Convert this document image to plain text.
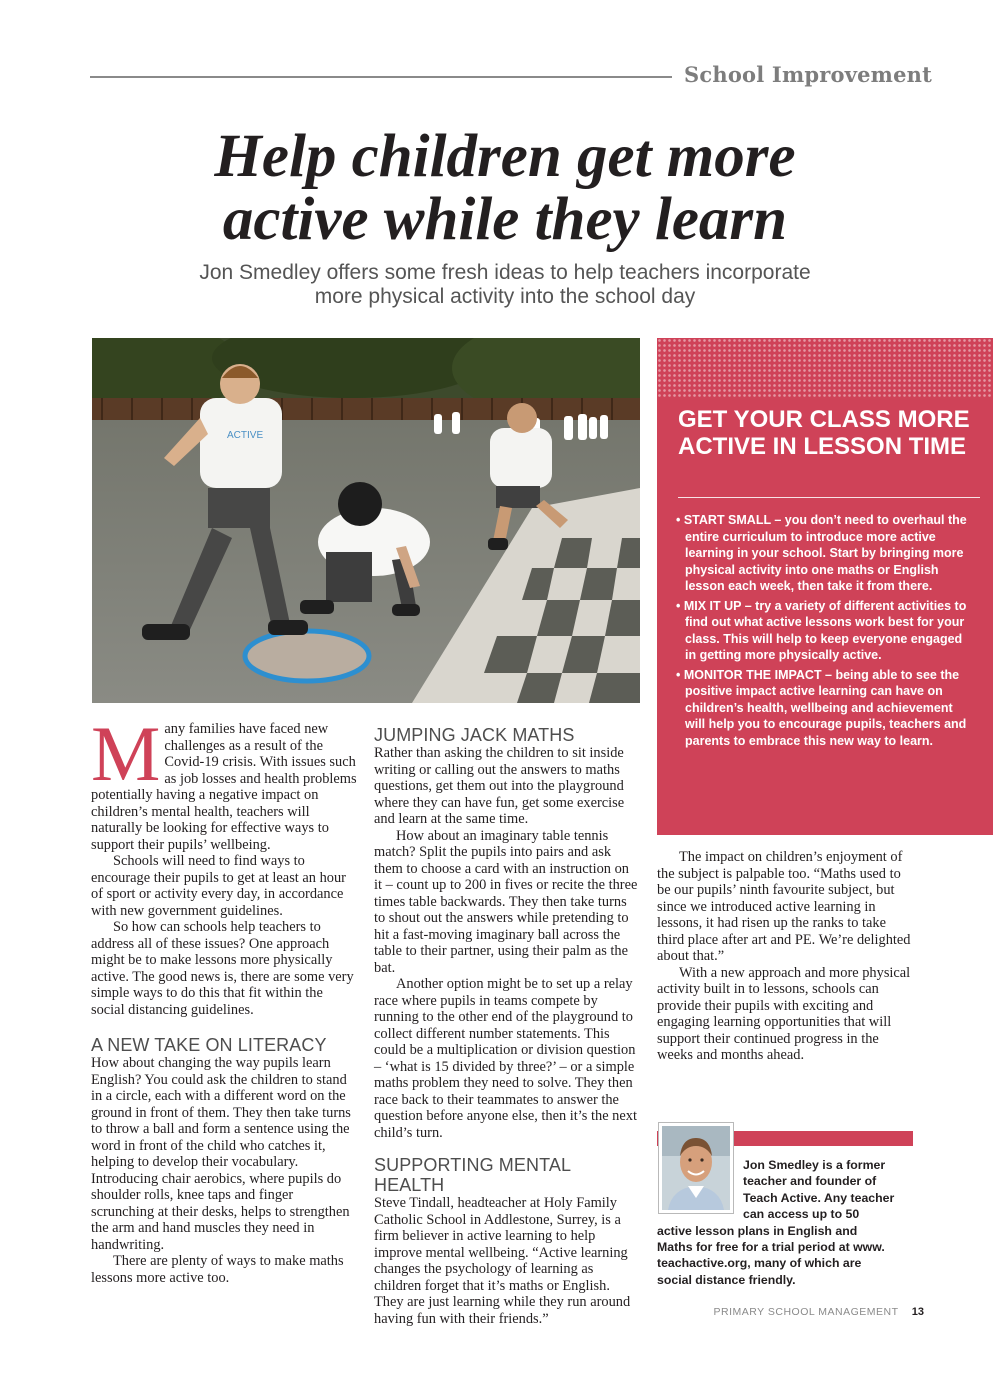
School Improvement
Help children get more
active while they learn
Jon Smedley offers some fresh ideas to help teachers incorporate
more physical activity into the school day
ACTIVE
GET YOUR CLASS MORE ACTIVE IN LESSON TIME
• START SMALL – you don’t need to overhaul the entire curriculum to introduce more active learning in your school. Start by bringing more physical activity into one maths or English lesson each week, then take it from there.
• MIX IT UP – try a variety of different activities to find out what active lessons work best for your class. This will help to keep everyone engaged in getting more physically active.
• MONITOR THE IMPACT – being able to see the positive impact active learning can have on children’s health, wellbeing and achievement will help you to encourage pupils, teachers and parents to embrace this new way to learn.
M any families have faced new challenges as a result of the Covid-19 crisis. With issues such as job losses and health problems potentially having a negative impact on children’s mental health, teachers will naturally be looking for effective ways to support their pupils’ wellbeing.

Schools will need to find ways to encourage their pupils to get at least an hour of sport or activity every day, in accordance with new government guidelines.

So how can schools help teachers to address all of these issues? One approach might be to make lessons more physically active. The good news is, there are some very simple ways to do this that fit within the social distancing guidelines.

A NEW TAKE ON LITERACY

How about changing the way pupils learn English? You could ask the children to stand in a circle, each with a different word on the ground in front of them. They then take turns to throw a ball and form a sentence using the word in front of the child who catches it, helping to develop their vocabulary. Introducing chair aerobics, where pupils do shoulder rolls, knee taps and finger scrunching at their desks, helps to strengthen the arm and hand muscles they need in handwriting.

There are plenty of ways to make maths lessons more active too.

JUMPING JACK MATHS

Rather than asking the children to sit inside writing or calling out the answers to maths questions, get them out into the playground where they can have fun, get some exercise and learn at the same time.

How about an imaginary table tennis match? Split the pupils into pairs and ask them to choose a card with an instruction on it – count up to 200 in fives or recite the three times table backwards. They then take turns to shout out the answers while pretending to hit a fast-moving imaginary ball across the table to their partner, using their palm as the bat.

Another option might be to set up a relay race where pupils in teams compete by running to the other end of the playground to collect different number statements. This could be a multiplication or division question – ‘what is 15 divided by three?’ – or a simple maths problem they need to solve. They then race back to their teammates to answer the question before anyone else, then it’s the next child’s turn.

SUPPORTING MENTAL HEALTH

Steve Tindall, headteacher at Holy Family Catholic School in Addlestone, Surrey, is a firm believer in active learning to help improve mental wellbeing. “Active learning changes the psychology of learning as children forget that it’s maths or English. They are just learning while they run around having fun with their friends.”

The impact on children’s enjoyment of the subject is palpable too. “Maths used to be our pupils’ ninth favourite subject, but since we introduced active learning in lessons, it had risen up the ranks to take third place after art and PE. We’re delighted about that.”

With a new approach and more physical activity built in to lessons, schools can provide their pupils with exciting and engaging learning opportunities that will support their continued progress in the weeks and months ahead.

Jon Smedley is a former
teacher and founder of
Teach Active. Any teacher
can access up to 50
active lesson plans in English and
Maths for free for a trial period at www.
teachactive.org, many of which are
social distance friendly.
PRIMARY SCHOOL MANAGEMENT 13
